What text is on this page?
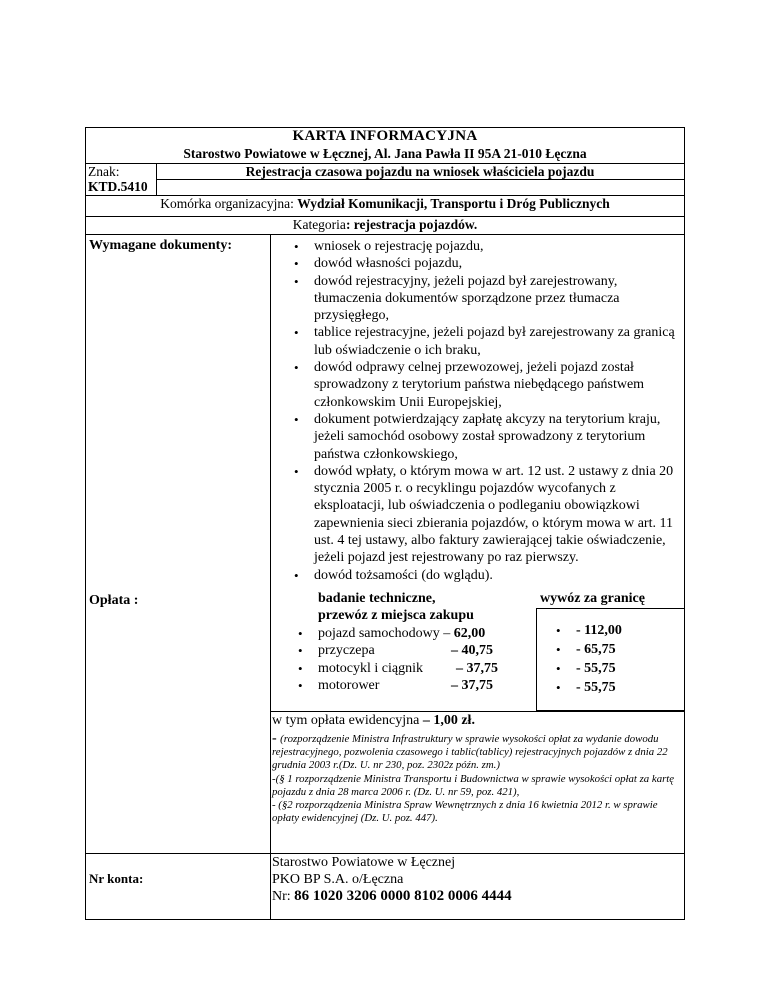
KARTA INFORMACYJNA
Starostwo Powiatowe w Łęcznej, Al. Jana Pawła II 95A 21-010 Łęczna
Znak:
KTD.5410
Rejestracja czasowa pojazdu na wniosek właściciela pojazdu
Komórka organizacyjna: Wydział Komunikacji, Transportu i Dróg Publicznych
Kategoria: rejestracja pojazdów.
Wymagane dokumenty:
•	wniosek o rejestrację pojazdu,
• dowód własności pojazdu,
• dowód rejestracyjny, jeżeli pojazd był zarejestrowany, tłumaczenia dokumentów sporządzone przez tłumacza przysięgłego,
• tablice rejestracyjne, jeżeli pojazd był zarejestrowany za granicą lub oświadczenie o ich braku,
• dowód odprawy celnej przewozowej, jeżeli pojazd został sprowadzony z terytorium państwa niebędącego państwem członkowskim Unii Europejskiej,
• dokument potwierdzający zapłatę akcyzy na terytorium kraju, jeżeli samochód osobowy został sprowadzony z terytorium państwa członkowskiego,
• dowód wpłaty, o którym mowa w art. 12 ust. 2 ustawy z dnia 20 stycznia 2005 r. o recyklingu pojazdów wycofanych z eksploatacji, lub oświadczenia o podleganiu obowiązkowi zapewnienia sieci zbierania pojazdów, o którym mowa w art. 11 ust. 4 tej ustawy, albo faktury zawierającej takie oświadczenie, jeżeli pojazd jest rejestrowany po raz pierwszy.
• dowód tożsamości (do wglądu).
Opłata :	badanie techniczne,
przewóz z miejsca zakupu
wywóz za granicę
• pojazd samochodowy – 62,00
• przyczepa	– 40,75
• motocykl i ciągnik – 37,75
• motorower	– 37,75
• - 112,00
• - 65,75
• - 55,75
• - 55,75
w tym opłata ewidencyjna – 1,00 zł.
- (rozporządzenie Ministra Infrastruktury w sprawie wysokości opłat za wydanie dowodu rejestracyjnego, pozwolenia czasowego i tablic(tablicy) rejestracyjnych pojazdów z dnia 22 grudnia 2003 r.(Dz. U. nr 230, poz. 2302z późn. zm.)
-(§ 1 rozporządzenie Ministra Transportu i Budownictwa w sprawie wysokości opłat za kartę pojazdu z dnia 28 marca 2006 r. (Dz. U. nr 59, poz. 421),
- (§2 rozporządzenia Ministra Spraw Wewnętrznych z dnia 16 kwietnia 2012 r. w sprawie opłaty ewidencyjnej (Dz. U. poz. 447).
Nr konta:
Starostwo Powiatowe w Łęcznej
PKO BP S.A. o/Łęczna
Nr: 86 1020 3206 0000 8102 0006 4444
